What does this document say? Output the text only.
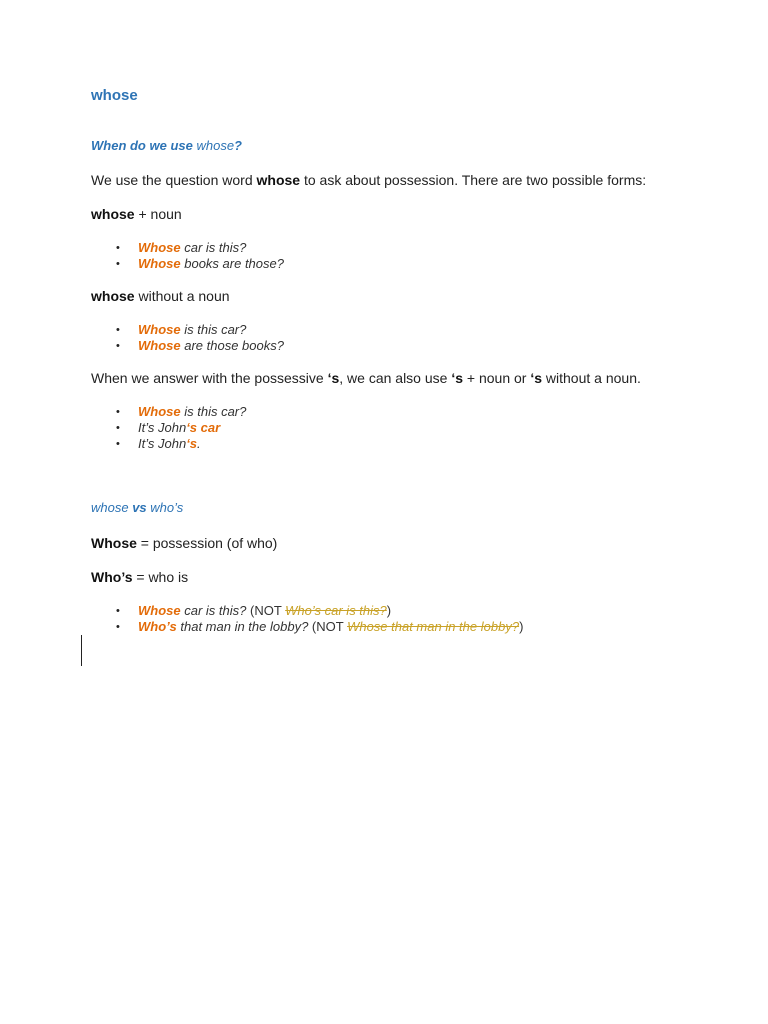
whose
When do we use whose?

We use the question word whose to ask about possession. There are two possible forms:

whose + noun

• Whose car is this?
• Whose books are those?

whose without a noun

• Whose is this car?
• Whose are those books?

When we answer with the possessive ‘s, we can also use ‘s + noun or ‘s without a noun.

• Whose is this car?
• It’s John‘s car
• It’s John‘s.
whose vs who’s

Whose = possession (of who)

Who’s = who is

• Whose car is this? (NOT Who’s car is this?)
• Who’s that man in the lobby? (NOT Whose that man in the lobby?)
